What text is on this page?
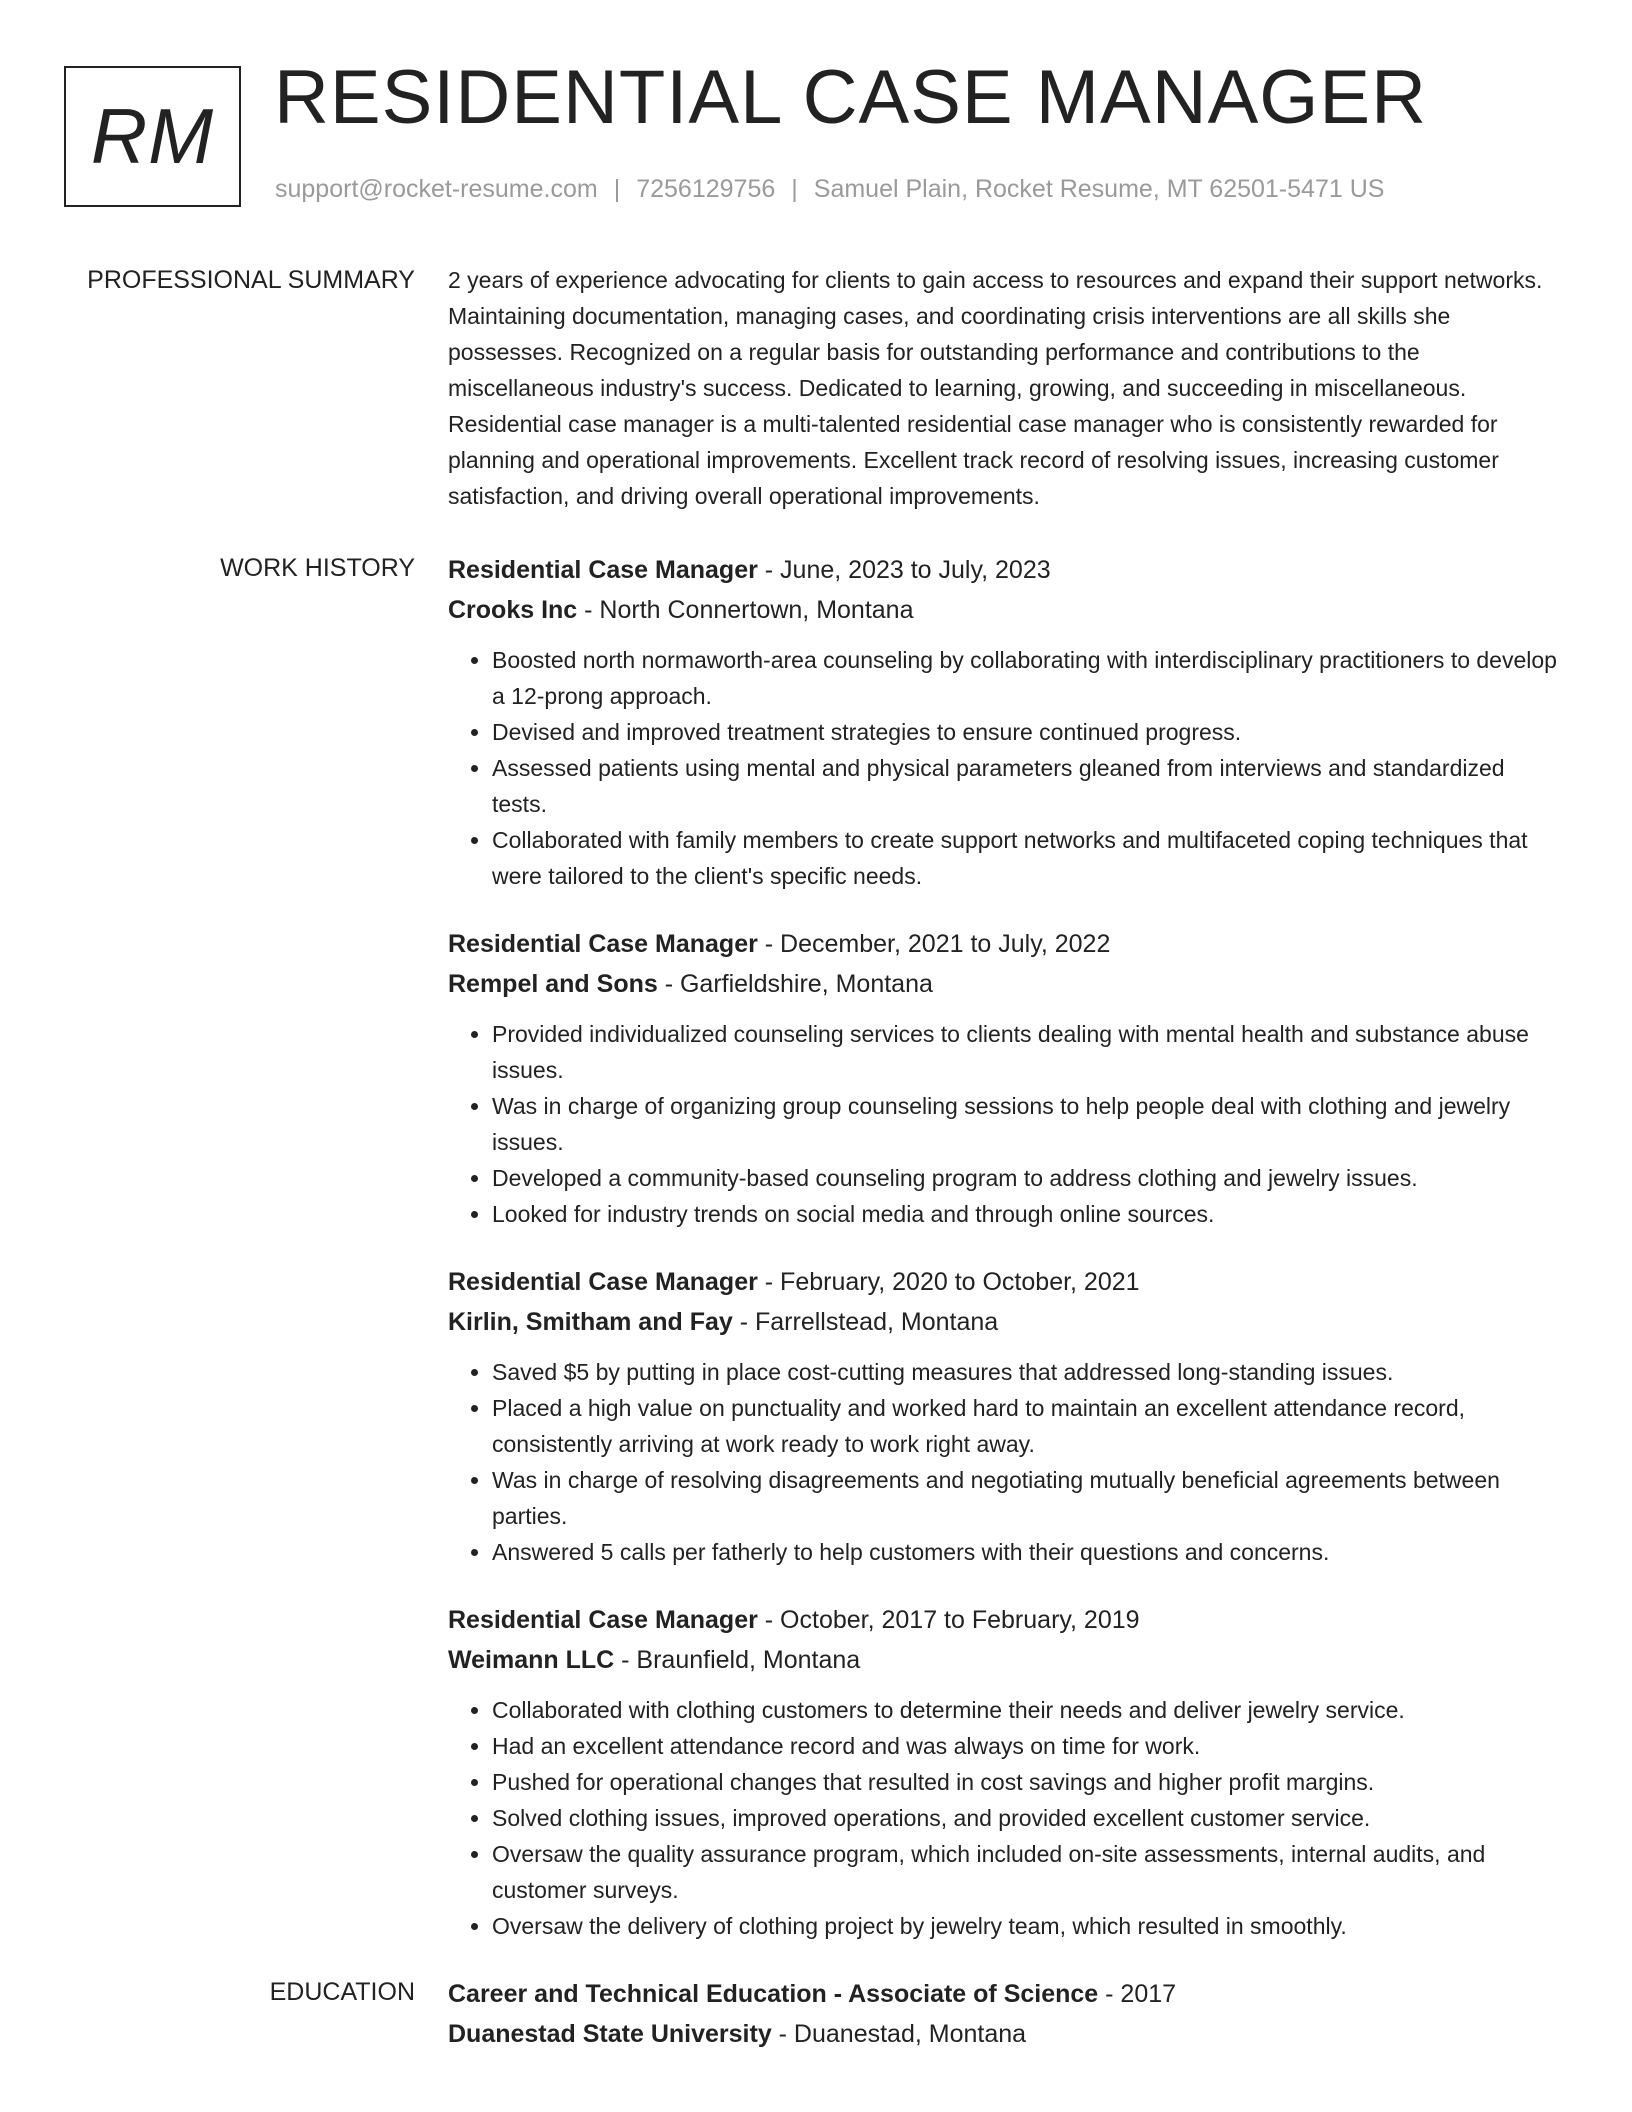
RM RESIDENTIAL CASE MANAGER
support@rocket-resume.com | 7256129756 | Samuel Plain, Rocket Resume, MT 62501-5471 US
PROFESSIONAL SUMMARY 2 years of experience advocating for clients to gain access to resources and expand their support networks. Maintaining documentation, managing cases, and coordinating crisis interventions are all skills she possesses. Recognized on a regular basis for outstanding performance and contributions to the miscellaneous industry's success. Dedicated to learning, growing, and succeeding in miscellaneous. Residential case manager is a multi-talented residential case manager who is consistently rewarded for planning and operational improvements. Excellent track record of resolving issues, increasing customer satisfaction, and driving overall operational improvements.

WORK HISTORY Residential Case Manager - June, 2023 to July, 2023
Crooks Inc - North Connertown, Montana
• Boosted north normaworth-area counseling by collaborating with interdisciplinary practitioners to develop a 12-prong approach.
• Devised and improved treatment strategies to ensure continued progress.
• Assessed patients using mental and physical parameters gleaned from interviews and standardized tests.
• Collaborated with family members to create support networks and multifaceted coping techniques that were tailored to the client's specific needs.
Residential Case Manager - December, 2021 to July, 2022
Rempel and Sons - Garfieldshire, Montana
• Provided individualized counseling services to clients dealing with mental health and substance abuse issues.
• Was in charge of organizing group counseling sessions to help people deal with clothing and jewelry issues.
• Developed a community-based counseling program to address clothing and jewelry issues.
• Looked for industry trends on social media and through online sources.
Residential Case Manager - February, 2020 to October, 2021
Kirlin, Smitham and Fay - Farrellstead, Montana
• Saved $5 by putting in place cost-cutting measures that addressed long-standing issues.
• Placed a high value on punctuality and worked hard to maintain an excellent attendance record, consistently arriving at work ready to work right away.
• Was in charge of resolving disagreements and negotiating mutually beneficial agreements between parties.
• Answered 5 calls per fatherly to help customers with their questions and concerns.
Residential Case Manager - October, 2017 to February, 2019
Weimann LLC - Braunfield, Montana
• Collaborated with clothing customers to determine their needs and deliver jewelry service.
• Had an excellent attendance record and was always on time for work.
• Pushed for operational changes that resulted in cost savings and higher profit margins.
• Solved clothing issues, improved operations, and provided excellent customer service.
• Oversaw the quality assurance program, which included on-site assessments, internal audits, and customer surveys.
• Oversaw the delivery of clothing project by jewelry team, which resulted in smoothly.
EDUCATION Career and Technical Education - Associate of Science - 2017
Duanestad State University - Duanestad, Montana
